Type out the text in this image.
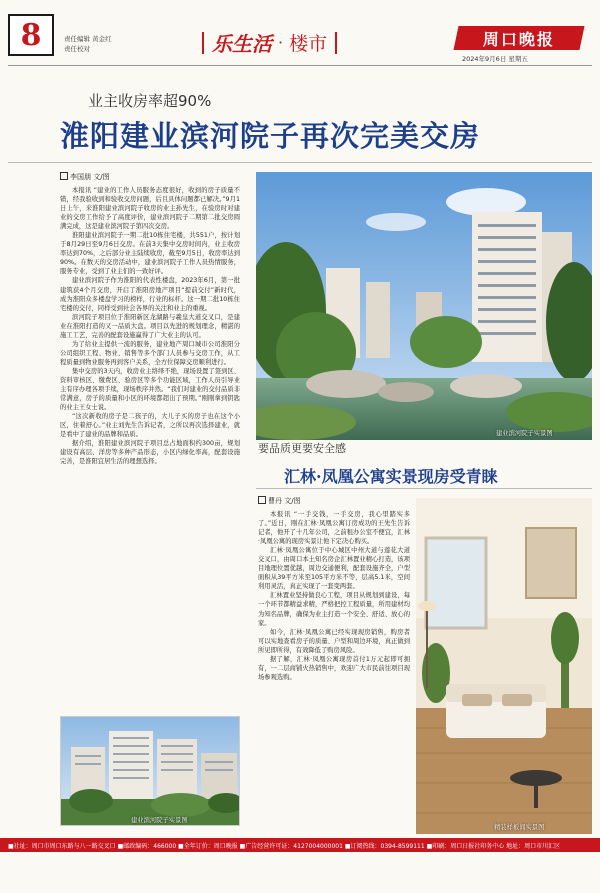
8	责任编辑 黄金红
责任校对	乐生活 · 楼市	周口晚报
2024年9月6日 星期五
业主收房率超90%
淮阳建业滨河院子再次完美交房
李国朋 文/图

本报讯 “建业的工作人员服务态度很好，收到的房子质量不错，经我验收到和验收交房问题，后且具体问题都已解决。”9月1日上午，来淮阳建业滨河院子收房的业主孙先生，在验房时对建业的交房工作给予了高度评价，建业滨河院子二期第二批交房圆满完成，这是建业滨河院子第四次交房。

淮阳建业滨河院子一期二批10栋住宅楼，共551户，按计划于8月29日至9月6日交房。在前3天集中交房时间内，业主收房率达到70%，之后部分业主陆续收房，截至9月5日，收房率达到90%。在数天的交房活动中，建业滨河院子工作人员热情服务，服务专业，受到了业主们的一致好评。

建业滨河院子作为淮阳的代表性楼盘，2023年6月，第一批建筑获4个月交房，开启了淮阳房地产项目“提前交付”新时代，成为淮阳众多楼盘学习的榜样，行业的标杆。这一期二批10栋住宅楼的交付，同样受到社会各界的关注和业主的重视。

滨河院子项目位于淮阳新区龙湖路与羲皇大道交叉口，是建业在淮阳打造的又一品质大盘。项目以先进的规划理念，精湛的施工工艺，完善的配套设施赢得了广大业主的认可。

为了给业主提供一流的服务，建业地产周口城市公司淮阳分公司组织工程、物业、销售等多个部门人员参与交房工作，从工程质量到物业服务再到客户关系，全方位保障交房顺利进行。

集中交房的3天内，收房业主络绎不绝，现场设置了签到区、资料审核区、缴费区、验房区等多个功能区域，工作人员引导业主有序办理各项手续，现场秩序井然。“我们对建业的交付品质非常满意，房子的质量和小区的环境都超出了预期。”刚刚拿到钥匙的业主王女士说。

“这次新收的房子是二孩子的，大儿子买的房子也在这个小区，住着舒心。”业主刘先生告诉记者，之所以再次选择建业，就是看中了建业的品牌和品质。

据介绍，淮阳建业滨河院子项目总占地面积约300亩，规划建设有高层、洋房等多种产品形态，小区内绿化率高，配套设施完善，是淮阳宜居生活的理想选择。

建业滨河院子实景图
建业滨河院子实景图
要品质更要安全感
汇林·凤凰公寓实景现房受青睐
曹丹 文/图

本报讯 “一手交钱，一手交房，我心里踏实多了。”近日，刚在汇林·凤凰公寓订房成功的王先生告诉记者，他开了十几年公司，之前租办公室不便宜，汇林·凤凰公寓的现房实景让他下定决心购买。

汇林·凤凰公寓位于中心城区中州大道与莲花大道交叉口，由周口本土知名房企汇林置业精心打造，该项目地理位置优越，周边交通便利，配套设施齐全，户型面积从39平方米至105平方米不等，层高5.1米，空间利用灵活，真正实现了一套变两套。

汇林置业坚持做良心工程，项目从规划到建设，每一个环节都精益求精，严格把控工程质量，所用建材均为知名品牌，确保为业主打造一个安全、舒适、放心的家。

如今，汇林·凤凰公寓已经实现现房销售，购房者可以实地查看房子的质量、户型和周边环境，真正做到所见即所得，有效降低了购房风险。

据了解，汇林·凤凰公寓现房首付1万元起即可拥有，一二层商铺火热销售中，欢迎广大市民前往项目现场参观选购。

精装样板间实景图
■社址：周口市周口东路与八一路交叉口 ■邮政编码：466000 ■全年订价：周口晚报 ■广告经营许可证：4127004000001 ■订阅热线：0394-8599111 ■印刷：周口日报社印务中心 地址：周口市川汇区
